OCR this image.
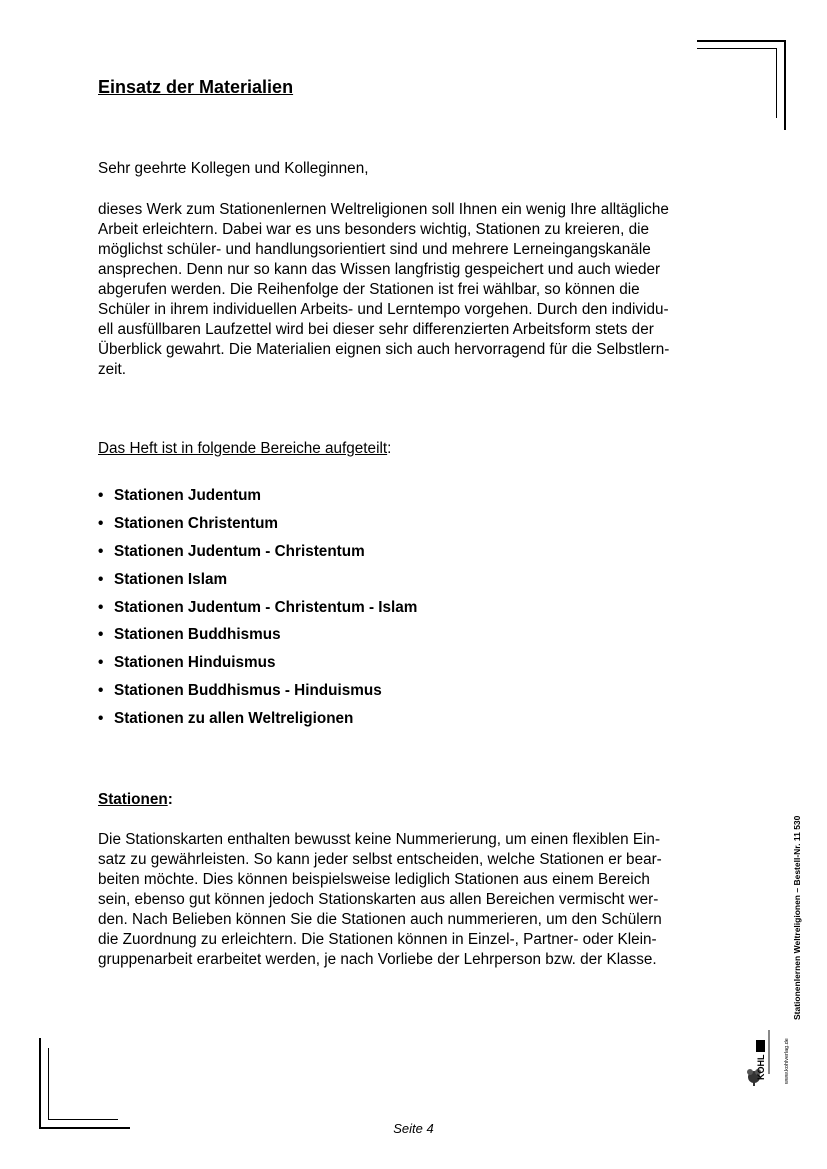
Einsatz der Materialien

Sehr geehrte Kollegen und Kolleginnen,

dieses Werk zum Stationenlernen Weltreligionen soll Ihnen ein wenig Ihre alltägliche
Arbeit erleichtern. Dabei war es uns besonders wichtig, Stationen zu kreieren, die
möglichst schüler- und handlungsorientiert sind und mehrere Lerneingangskanäle
ansprechen. Denn nur so kann das Wissen langfristig gespeichert und auch wieder
abgerufen werden. Die Reihenfolge der Stationen ist frei wählbar, so können die
Schüler in ihrem individuellen Arbeits- und Lerntempo vorgehen. Durch den individu-
ell ausfüllbaren Laufzettel wird bei dieser sehr differenzierten Arbeitsform stets der
Überblick gewahrt. Die Materialien eignen sich auch hervorragend für die Selbstlern-
zeit.

Das Heft ist in folgende Bereiche aufgeteilt:

• Stationen Judentum
• Stationen Christentum
• Stationen Judentum - Christentum
• Stationen Islam
• Stationen Judentum - Christentum - Islam
• Stationen Buddhismus
• Stationen Hinduismus
• Stationen Buddhismus - Hinduismus
• Stationen zu allen Weltreligionen

Stationen:

Die Stationskarten enthalten bewusst keine Nummerierung, um einen flexiblen Ein-
satz zu gewährleisten. So kann jeder selbst entscheiden, welche Stationen er bear-
beiten möchte. Dies können beispielsweise lediglich Stationen aus einem Bereich
sein, ebenso gut können jedoch Stationskarten aus allen Bereichen vermischt wer-
den. Nach Belieben können Sie die Stationen auch nummerieren, um den Schülern
die Zuordnung zu erleichtern. Die Stationen können in Einzel-, Partner- oder Klein-
gruppenarbeit erarbeitet werden, je nach Vorliebe der Lehrperson bzw. der Klasse.	Stationenlernen Weltreligionen – Bestell-Nr. 11 530
www.kohlverlag.de
KOHL
Seite 4
